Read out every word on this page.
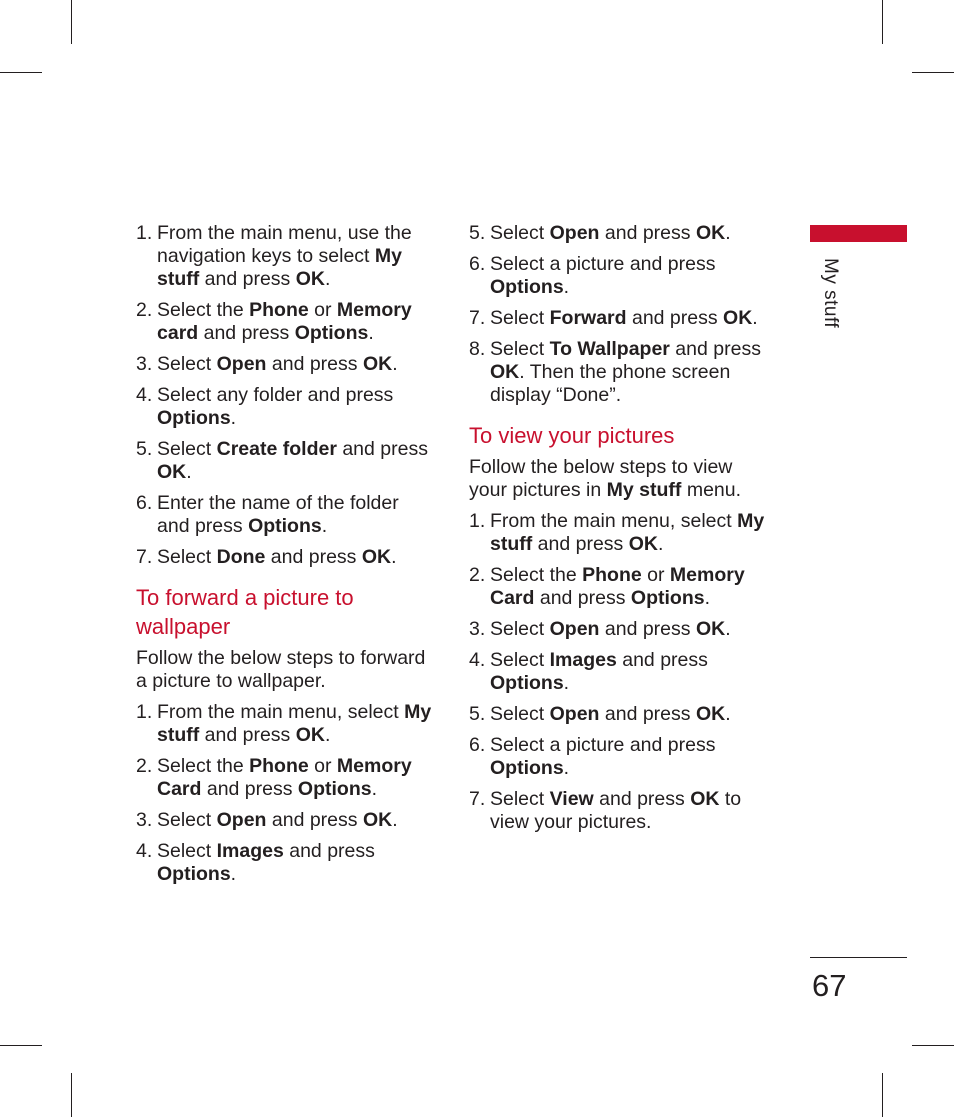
1. From the main menu, use the navigation keys to select My stuff and press OK.
2. Select the Phone or Memory card and press Options.
3. Select Open and press OK.
4. Select any folder and press Options.
5. Select Create folder and press OK.
6. Enter the name of the folder and press Options.
7. Select Done and press OK.
To forward a picture to wallpaper

Follow the below steps to forward a picture to wallpaper.

1. From the main menu, select My stuff and press OK.
2. Select the Phone or Memory Card and press Options.
3. Select Open and press OK.
4. Select Images and press Options.
5. Select Open and press OK.
6. Select a picture and press Options.
7. Select Forward and press OK.
8. Select To Wallpaper and press OK. Then the phone screen display “Done”.
To view your pictures

Follow the below steps to view your pictures in My stuff menu.

1. From the main menu, select My stuff and press OK.
2. Select the Phone or Memory Card and press Options.
3. Select Open and press OK.
4. Select Images and press Options.
5. Select Open and press OK.
6. Select a picture and press Options.
7. Select View and press OK to view your pictures.
My stuff
67
